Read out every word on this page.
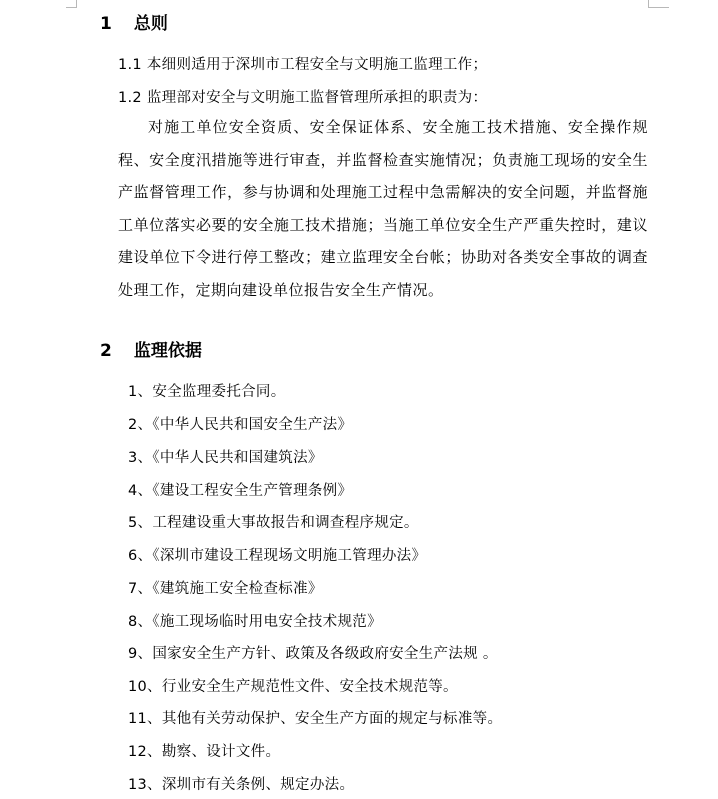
1 总则
1.1 本细则适用于深圳市工程安全与文明施工监理工作；
1.2 监理部对安全与文明施工监督管理所承担的职责为：
对施工单位安全资质、安全保证体系、安全施工技术措施、安全操作规程、安全度汛措施等进行审查，并监督检查实施情况；负责施工现场的安全生产监督管理工作，参与协调和处理施工过程中急需解决的安全问题，并监督施工单位落实必要的安全施工技术措施；当施工单位安全生产严重失控时，建议建设单位下令进行停工整改；建立监理安全台帐；协助对各类安全事故的调查处理工作，定期向建设单位报告安全生产情况。
2 监理依据
1、安全监理委托合同。
2、《中华人民共和国安全生产法》
3、《中华人民共和国建筑法》
4、《建设工程安全生产管理条例》
5、工程建设重大事故报告和调查程序规定。
6、《深圳市建设工程现场文明施工管理办法》
7、《建筑施工安全检查标准》
8、《施工现场临时用电安全技术规范》
9、国家安全生产方针、政策及各级政府安全生产法规 。
10、行业安全生产规范性文件、安全技术规范等。
11、其他有关劳动保护、安全生产方面的规定与标准等。
12、勘察、设计文件。
13、深圳市有关条例、规定办法。
